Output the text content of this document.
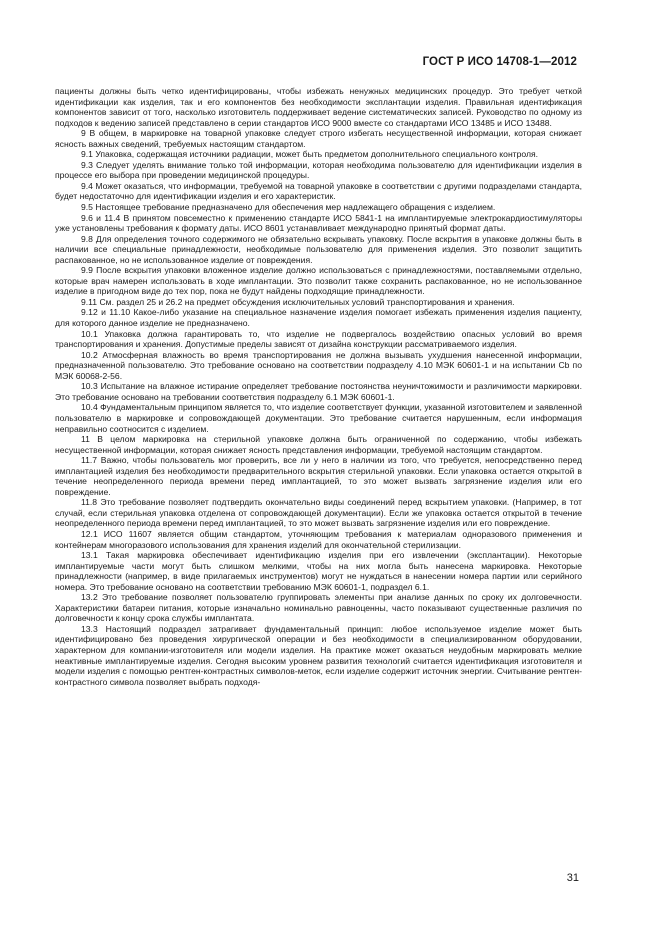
ГОСТ Р ИСО 14708-1—2012

пациенты должны быть четко идентифицированы, чтобы избежать ненужных медицинских процедур. Это требует четкой идентификации как изделия, так и его компонентов без необходимости эксплантации изделия. Правильная идентификация компонентов зависит от того, насколько изготовитель поддерживает ведение систематических записей. Руководство по одному из подходов к ведению записей представлено в серии стандартов ИСО 9000 вместе со стандартами ИСО 13485 и ИСО 13488.

9 В общем, в маркировке на товарной упаковке следует строго избегать несущественной информации, которая снижает ясность важных сведений, требуемых настоящим стандартом.

9.1 Упаковка, содержащая источники радиации, может быть предметом дополнительного специального контроля.

9.3 Следует уделять внимание только той информации, которая необходима пользователю для идентификации изделия в процессе его выбора при проведении медицинской процедуры.

9.4 Может оказаться, что информации, требуемой на товарной упаковке в соответствии с другими подразделами стандарта, будет недостаточно для идентификации изделия и его характеристик.

9.5 Настоящее требование предназначено для обеспечения мер надлежащего обращения с изделием.

9.6 и 11.4 В принятом повсеместно к применению стандарте ИСО 5841-1 на имплантируемые электрокардиостимуляторы уже установлены требования к формату даты. ИСО 8601 устанавливает международно принятый формат даты.

9.8 Для определения точного содержимого не обязательно вскрывать упаковку. После вскрытия в упаковке должны быть в наличии все специальные принадлежности, необходимые пользователю для применения изделия. Это позволит защитить распакованное, но не использованное изделие от повреждения.

9.9 После вскрытия упаковки вложенное изделие должно использоваться с принадлежностями, поставляемыми отдельно, которые врач намерен использовать в ходе имплантации. Это позволит также сохранить распакованное, но не использованное изделие в пригодном виде до тех пор, пока не будут найдены подходящие принадлежности.

9.11 См. раздел 25 и 26.2 на предмет обсуждения исключительных условий транспортирования и хранения.

9.12 и 11.10 Какое-либо указание на специальное назначение изделия помогает избежать применения изделия пациенту, для которого данное изделие не предназначено.

10.1 Упаковка должна гарантировать то, что изделие не подвергалось воздействию опасных условий во время транспортирования и хранения. Допустимые пределы зависят от дизайна конструкции рассматриваемого изделия.

10.2 Атмосферная влажность во время транспортирования не должна вызывать ухудшения нанесенной информации, предназначенной пользователю. Это требование основано на соответствии подразделу 4.10 МЭК 60601-1 и на испытании Cb по МЭК 60068-2-56.

10.3 Испытание на влажное истирание определяет требование постоянства неуничтожимости и различимости маркировки. Это требование основано на требовании соответствия подразделу 6.1 МЭК 60601-1.

10.4 Фундаментальным принципом является то, что изделие соответствует функции, указанной изготовителем и заявленной пользователю в маркировке и сопровождающей документации. Это требование считается нарушенным, если информация неправильно соотносится с изделием.

11 В целом маркировка на стерильной упаковке должна быть ограниченной по содержанию, чтобы избежать несущественной информации, которая снижает ясность представления информации, требуемой настоящим стандартом.

11.7 Важно, чтобы пользователь мог проверить, все ли у него в наличии из того, что требуется, непосредственно перед имплантацией изделия без необходимости предварительного вскрытия стерильной упаковки. Если упаковка остается открытой в течение неопределенного периода времени перед имплантацией, то это может вызвать загрязнение изделия или его повреждение.

11.8 Это требование позволяет подтвердить окончательно виды соединений перед вскрытием упаковки. (Например, в тот случай, если стерильная упаковка отделена от сопровождающей документации). Если же упаковка остается открытой в течение неопределенного периода времени перед имплантацией, то это может вызвать загрязнение изделия или его повреждение.

12.1 ИСО 11607 является общим стандартом, уточняющим требования к материалам одноразового применения и контейнерам многоразового использования для хранения изделий для окончательной стерилизации.

13.1 Такая маркировка обеспечивает идентификацию изделия при его извлечении (эксплантации). Некоторые имплантируемые части могут быть слишком мелкими, чтобы на них могла быть нанесена маркировка. Некоторые принадлежности (например, в виде прилагаемых инструментов) могут не нуждаться в нанесении номера партии или серийного номера. Это требование основано на соответствии требованию МЭК 60601-1, подраздел 6.1.

13.2 Это требование позволяет пользователю группировать элементы при анализе данных по сроку их долговечности. Характеристики батареи питания, которые изначально номинально равноценны, часто показывают существенные различия по долговечности к концу срока службы имплантата.

13.3 Настоящий подраздел затрагивает фундаментальный принцип: любое используемое изделие может быть идентифицировано без проведения хирургической операции и без необходимости в специализированном оборудовании, характерном для компании-изготовителя или модели изделия. На практике может оказаться неудобным маркировать мелкие неактивные имплантируемые изделия. Сегодня высоким уровнем развития технологий считается идентификация изготовителя и модели изделия с помощью рентген-контрастных символов-меток, если изделие содержит источник энергии. Считывание рентген-контрастного символа позволяет выбрать подходя-

31
